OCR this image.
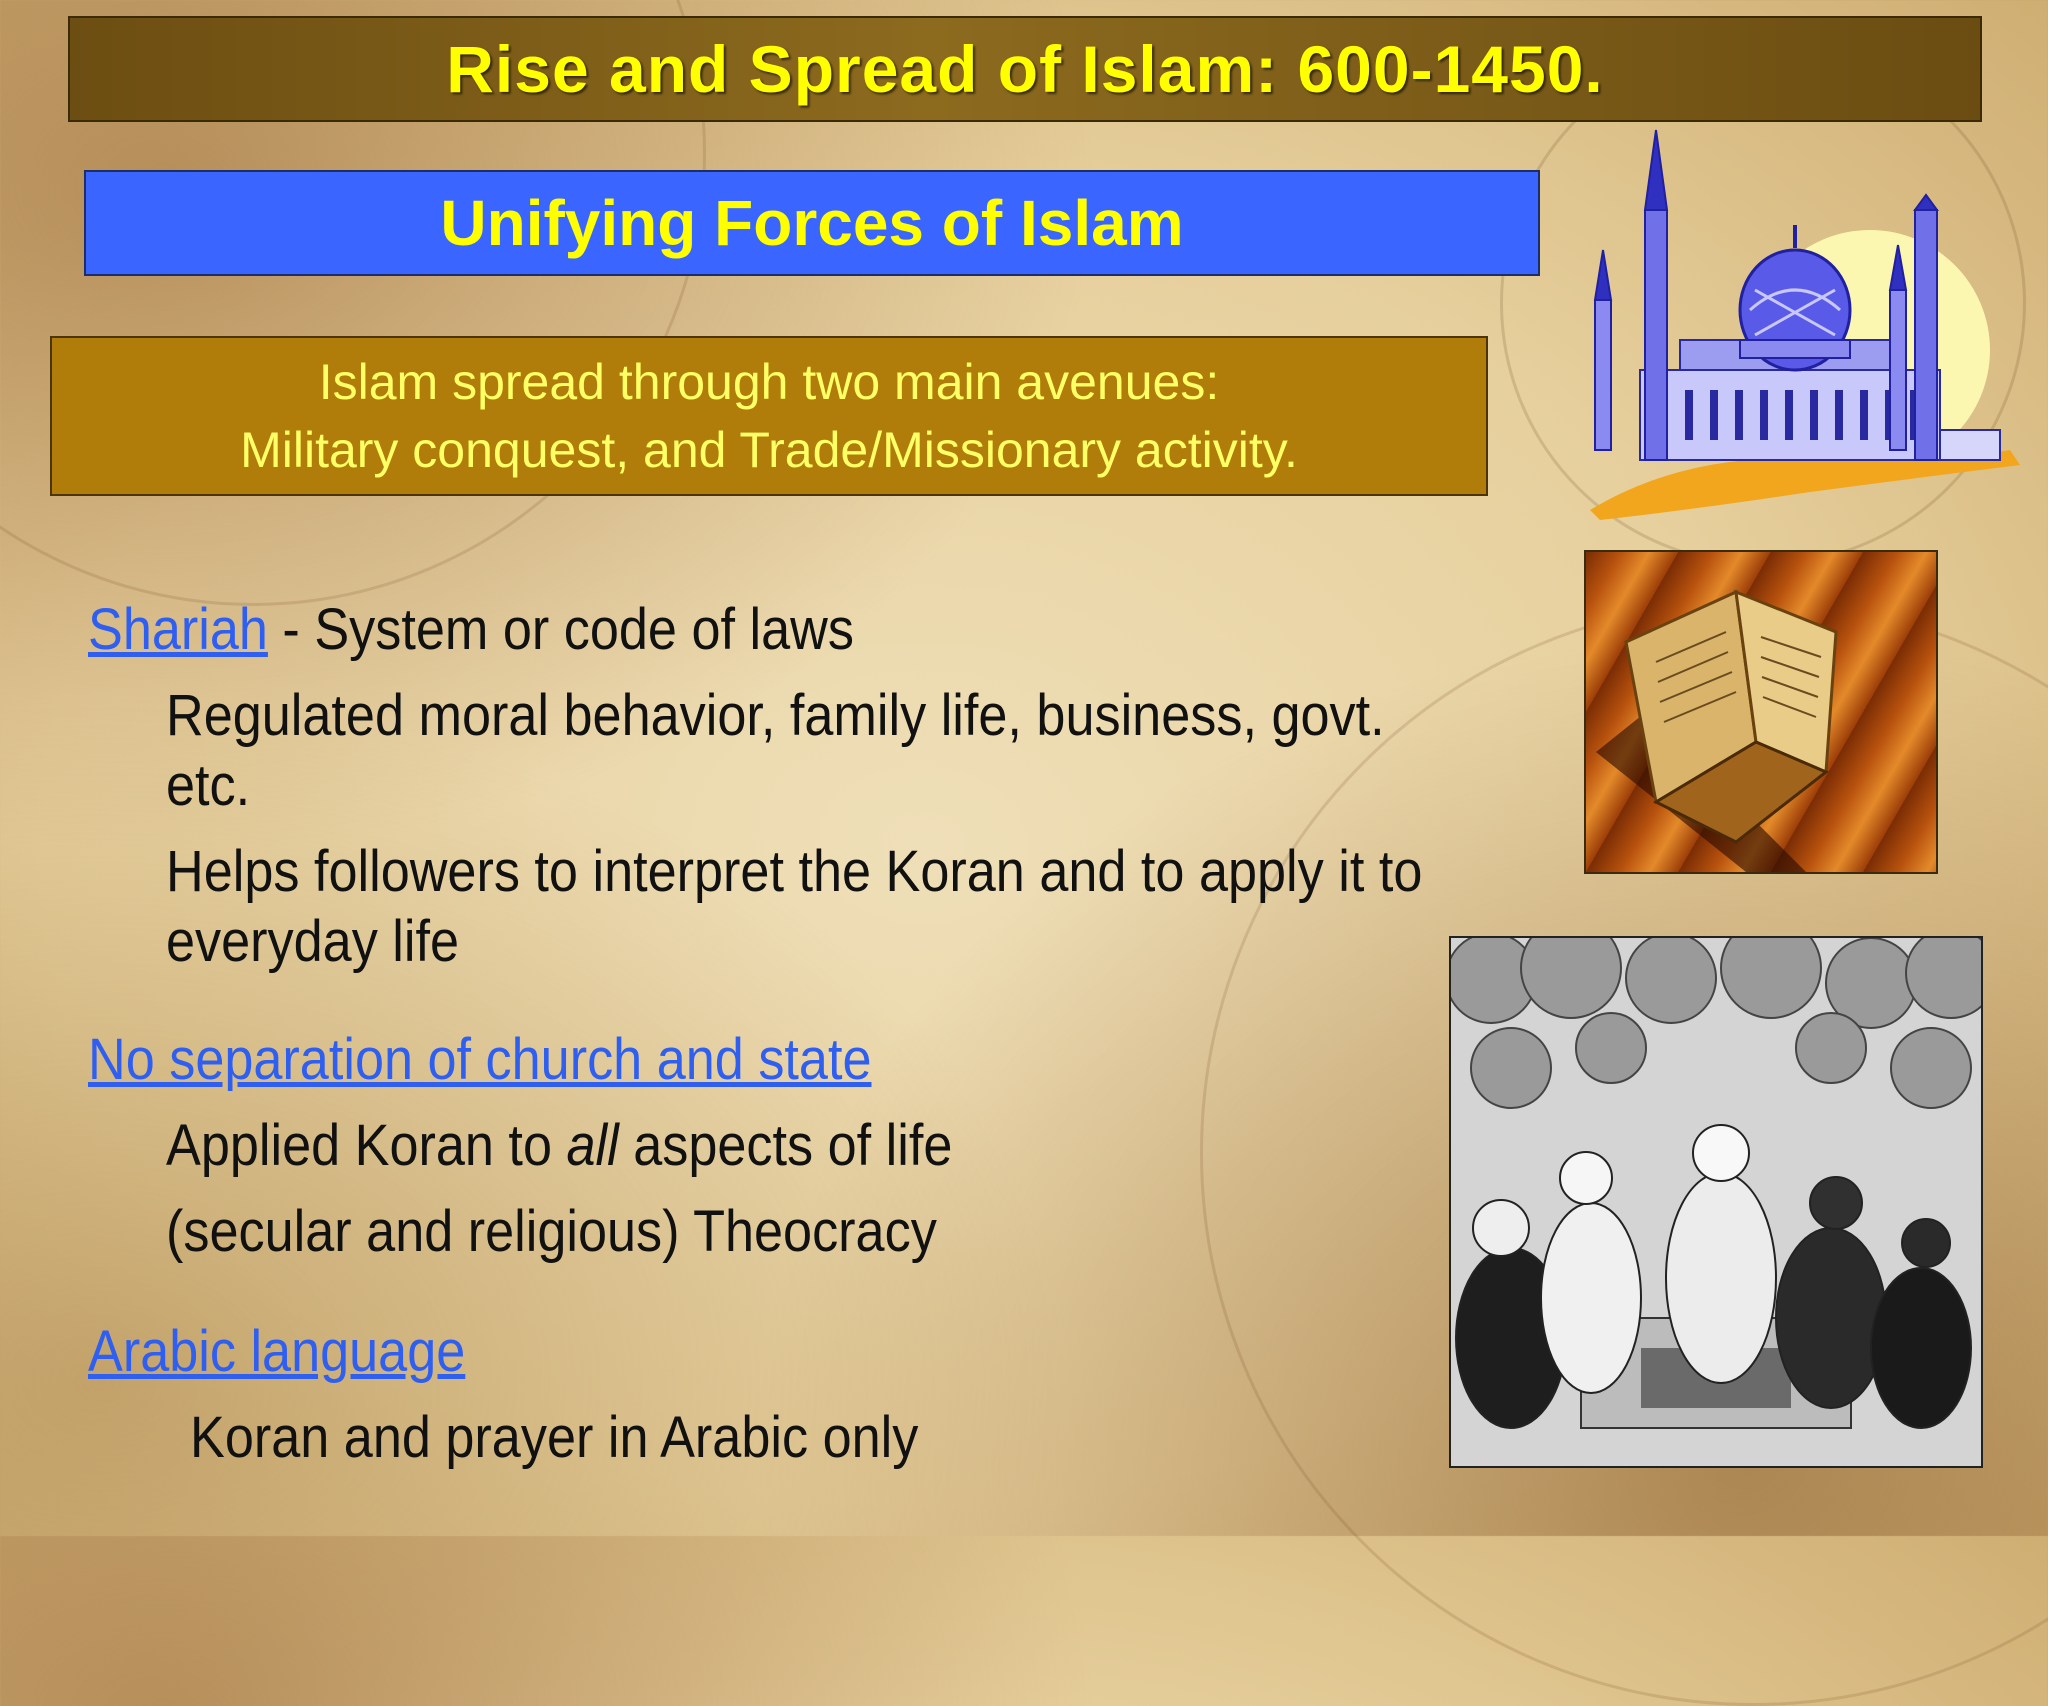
Rise and Spread of Islam: 600-1450.
Unifying Forces of Islam
Islam spread through two main avenues:
Military conquest, and Trade/Missionary activity.
Shariah - System or code of laws
Regulated moral behavior, family life, business, govt.
etc.
Helps followers to interpret the Koran and to apply it to
everyday life
No separation of church and state
Applied Koran to all aspects of life
(secular and religious) Theocracy
Arabic language
Koran and prayer in Arabic only
